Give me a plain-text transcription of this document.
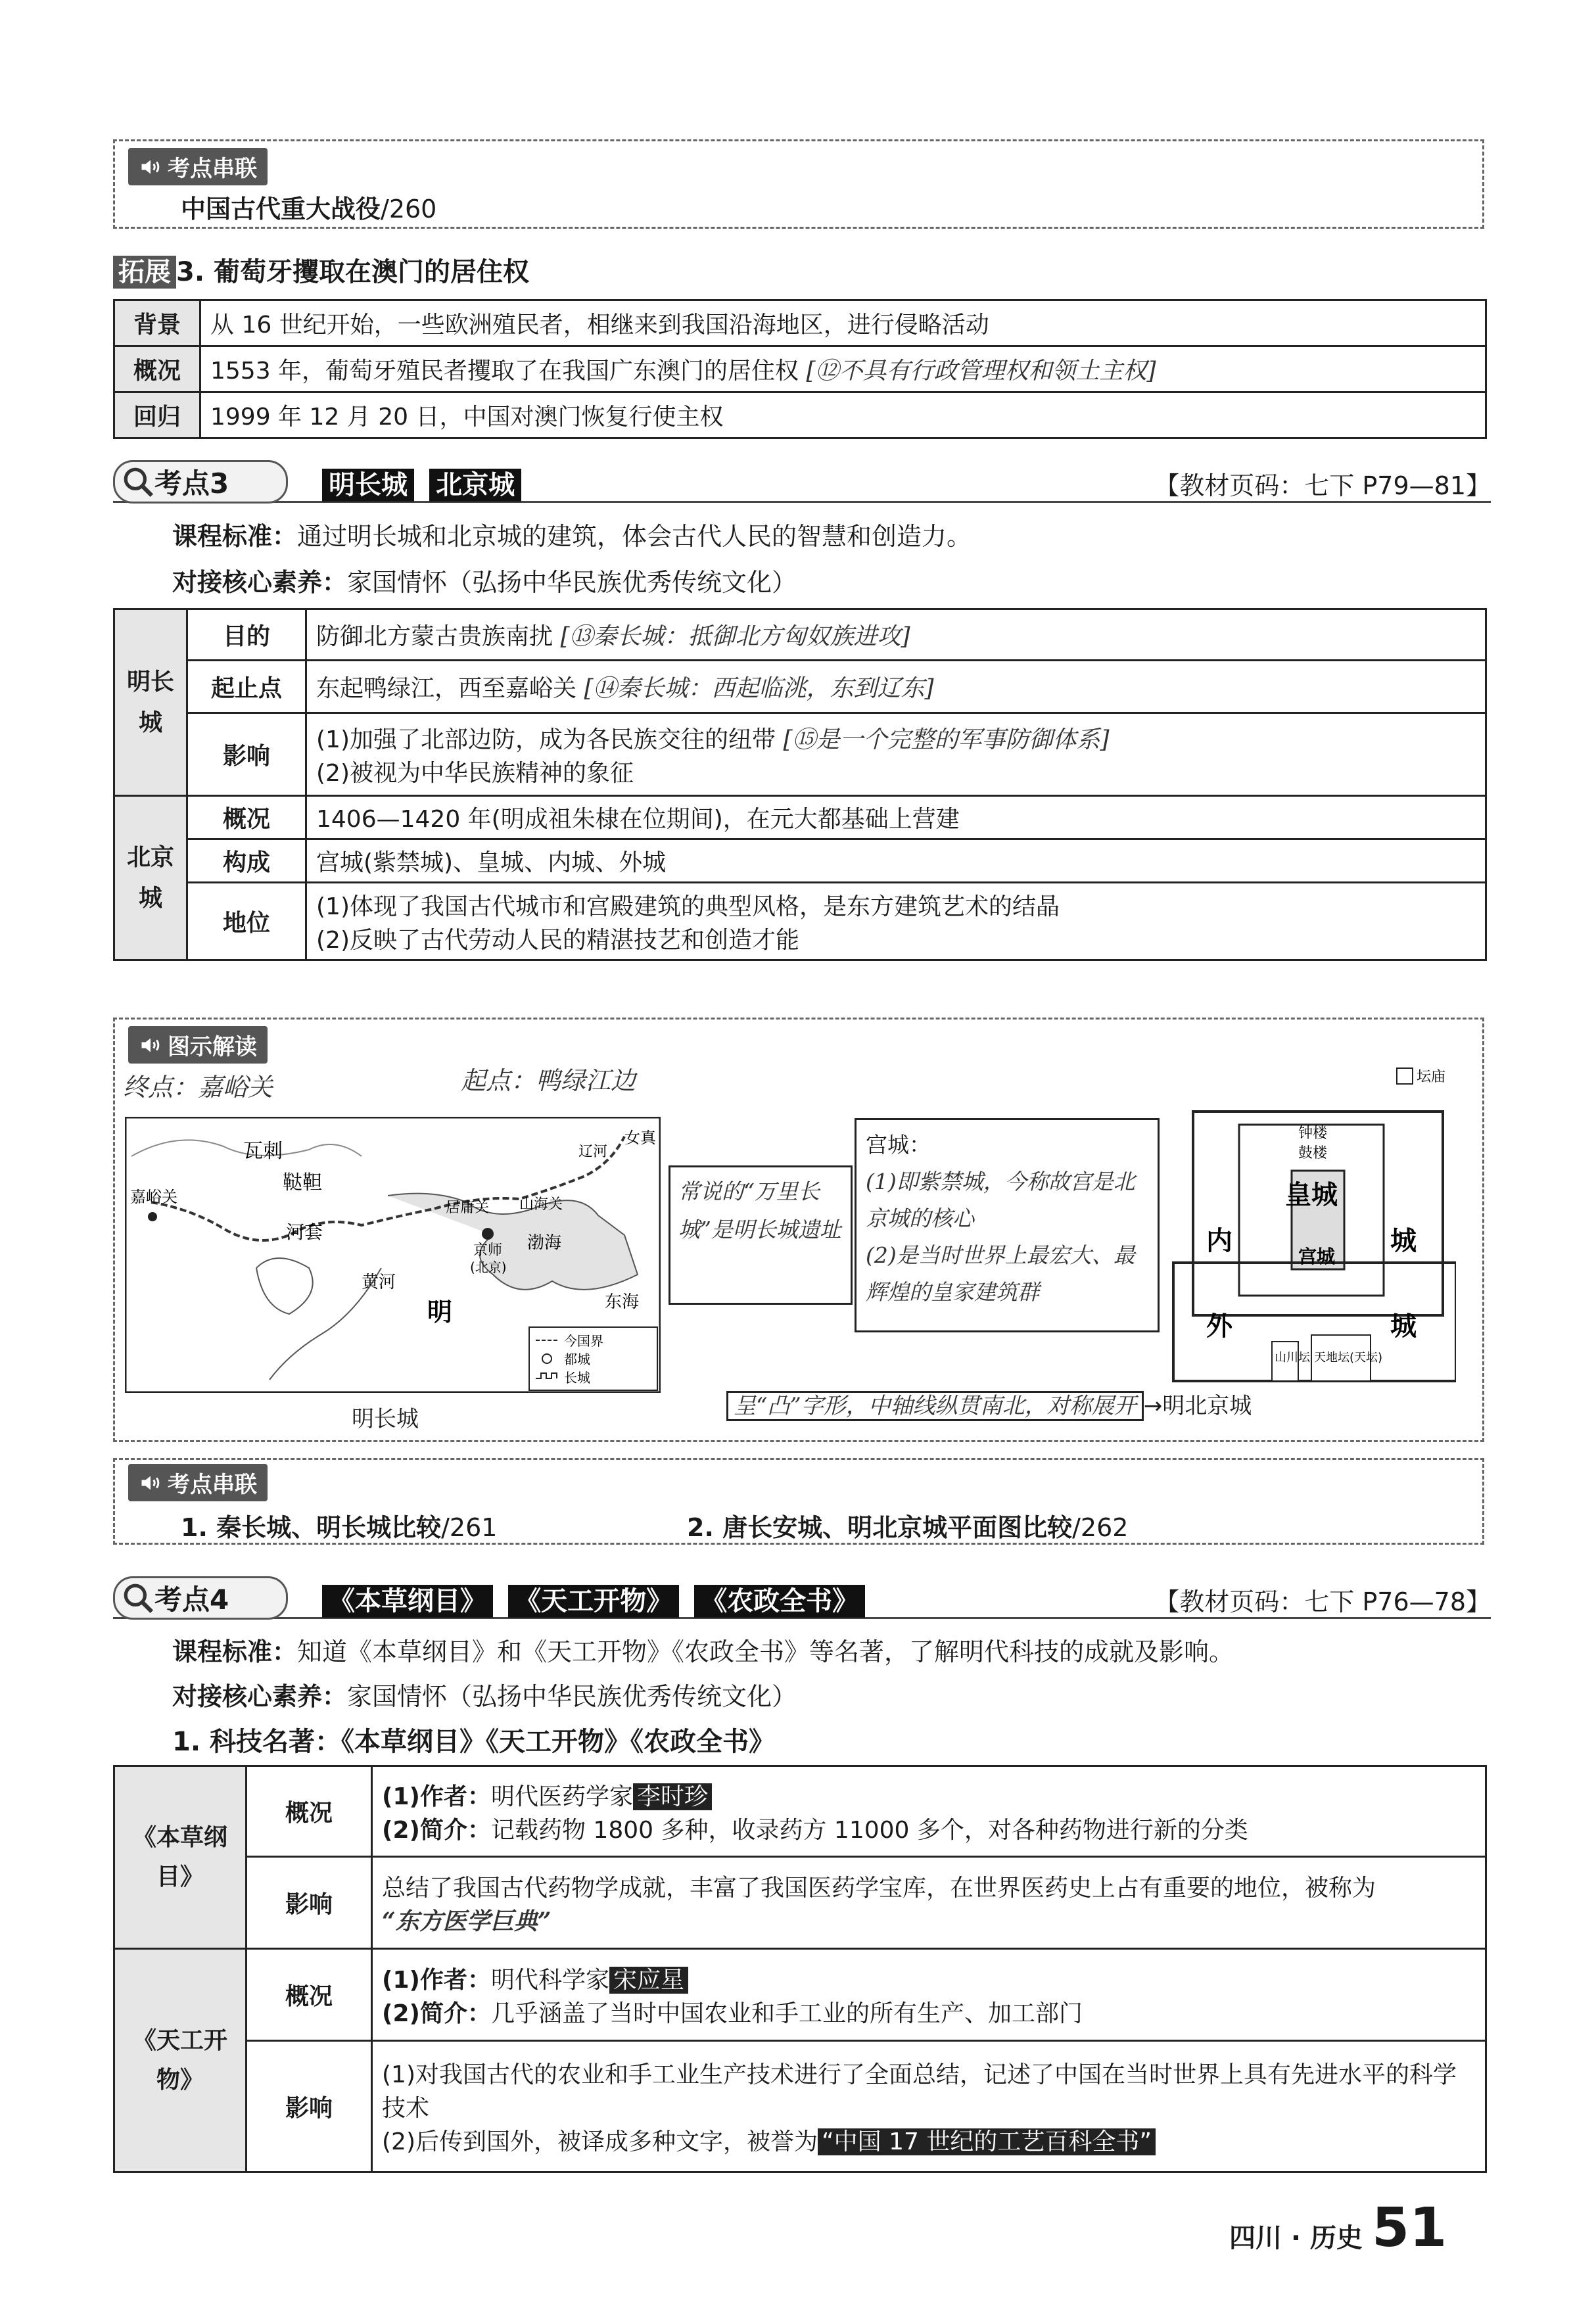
考点串联
中国古代重大战役/260
拓展 3. 葡萄牙攫取在澳门的居住权
背景	从 16 世纪开始，一些欧洲殖民者，相继来到我国沿海地区，进行侵略活动
概况	1553 年，葡萄牙殖民者攫取了在我国广东澳门的居住权 [⑫不具有行政管理权和领土主权]
回归	1999 年 12 月 20 日，中国对澳门恢复行使主权
考点3	明长城 北京城	【教材页码：七下 P79—81】
课程标准：通过明长城和北京城的建筑，体会古代人民的智慧和创造力。
对接核心素养：家国情怀（弘扬中华民族优秀传统文化）
明长城	目的	防御北方蒙古贵族南扰 [⑬秦长城：抵御北方匈奴族进攻]
	起止点	东起鸭绿江，西至嘉峪关 [⑭秦长城：西起临洮，东到辽东]
	影响	(1)加强了北部边防，成为各民族交往的纽带 [⑮是一个完整的军事防御体系]
(2)被视为中华民族精神的象征

北京城	概况	1406—1420 年(明成祖朱棣在位期间)，在元大都基础上营建
	构成	宫城(紫禁城)、皇城、内城、外城
	地位	(1)体现了我国古代城市和宫殿建筑的典型风格，是东方建筑艺术的结晶
(2)反映了古代劳动人民的精湛技艺和创造才能
图示解读
终点：嘉峪关	起点：鸭绿江边
瓦刺
鞑靼
嘉峪关
河套
居庸关 山海关
京师
(北京)
渤海
东海
明
黄河
辽河
女真
今国界
都城
长城
明长城
常说的“万里长城”是明长城遗址
宫城：
(1)即紫禁城，今称故宫是北京城的核心
(2)是当时世界上最宏大、最辉煌的皇家建筑群
坛庙
钟楼
鼓楼
皇城
宫城
内	城
外	城
山川坛 天地坛(天坛)
呈“凸”字形，中轴线纵贯南北，对称展开 →明北京城
考点串联
1. 秦长城、明长城比较/261	2. 唐长安城、明北京城平面图比较/262
考点4	《本草纲目》 《天工开物》 《农政全书》	【教材页码：七下 P76—78】
课程标准：知道《本草纲目》和《天工开物》《农政全书》等名著，了解明代科技的成就及影响。
对接核心素养：家国情怀（弘扬中华民族优秀传统文化）
1. 科技名著：《本草纲目》《天工开物》《农政全书》
《本草纲目》	概况	(1)作者：明代医药学家 李时珍
(2)简介：记载药物 1800 多种，收录药方 11000 多个，对各种药物进行新的分类

	影响	总结了我国古代药物学成就，丰富了我国医药学宝库，在世界医药史上占有重要的地位，被称为
“东方医学巨典”
《天工开物》	概况	(1)作者：明代科学家 宋应星
(2)简介：几乎涵盖了当时中国农业和手工业的所有生产、加工部门

	影响	(1)对我国古代的农业和手工业生产技术进行了全面总结，记述了中国在当时世界上具有先进水平的科学技术
(2)后传到国外，被译成多种文字，被誉为 “中国 17 世纪的工艺百科全书”
四川 · 历史 51
